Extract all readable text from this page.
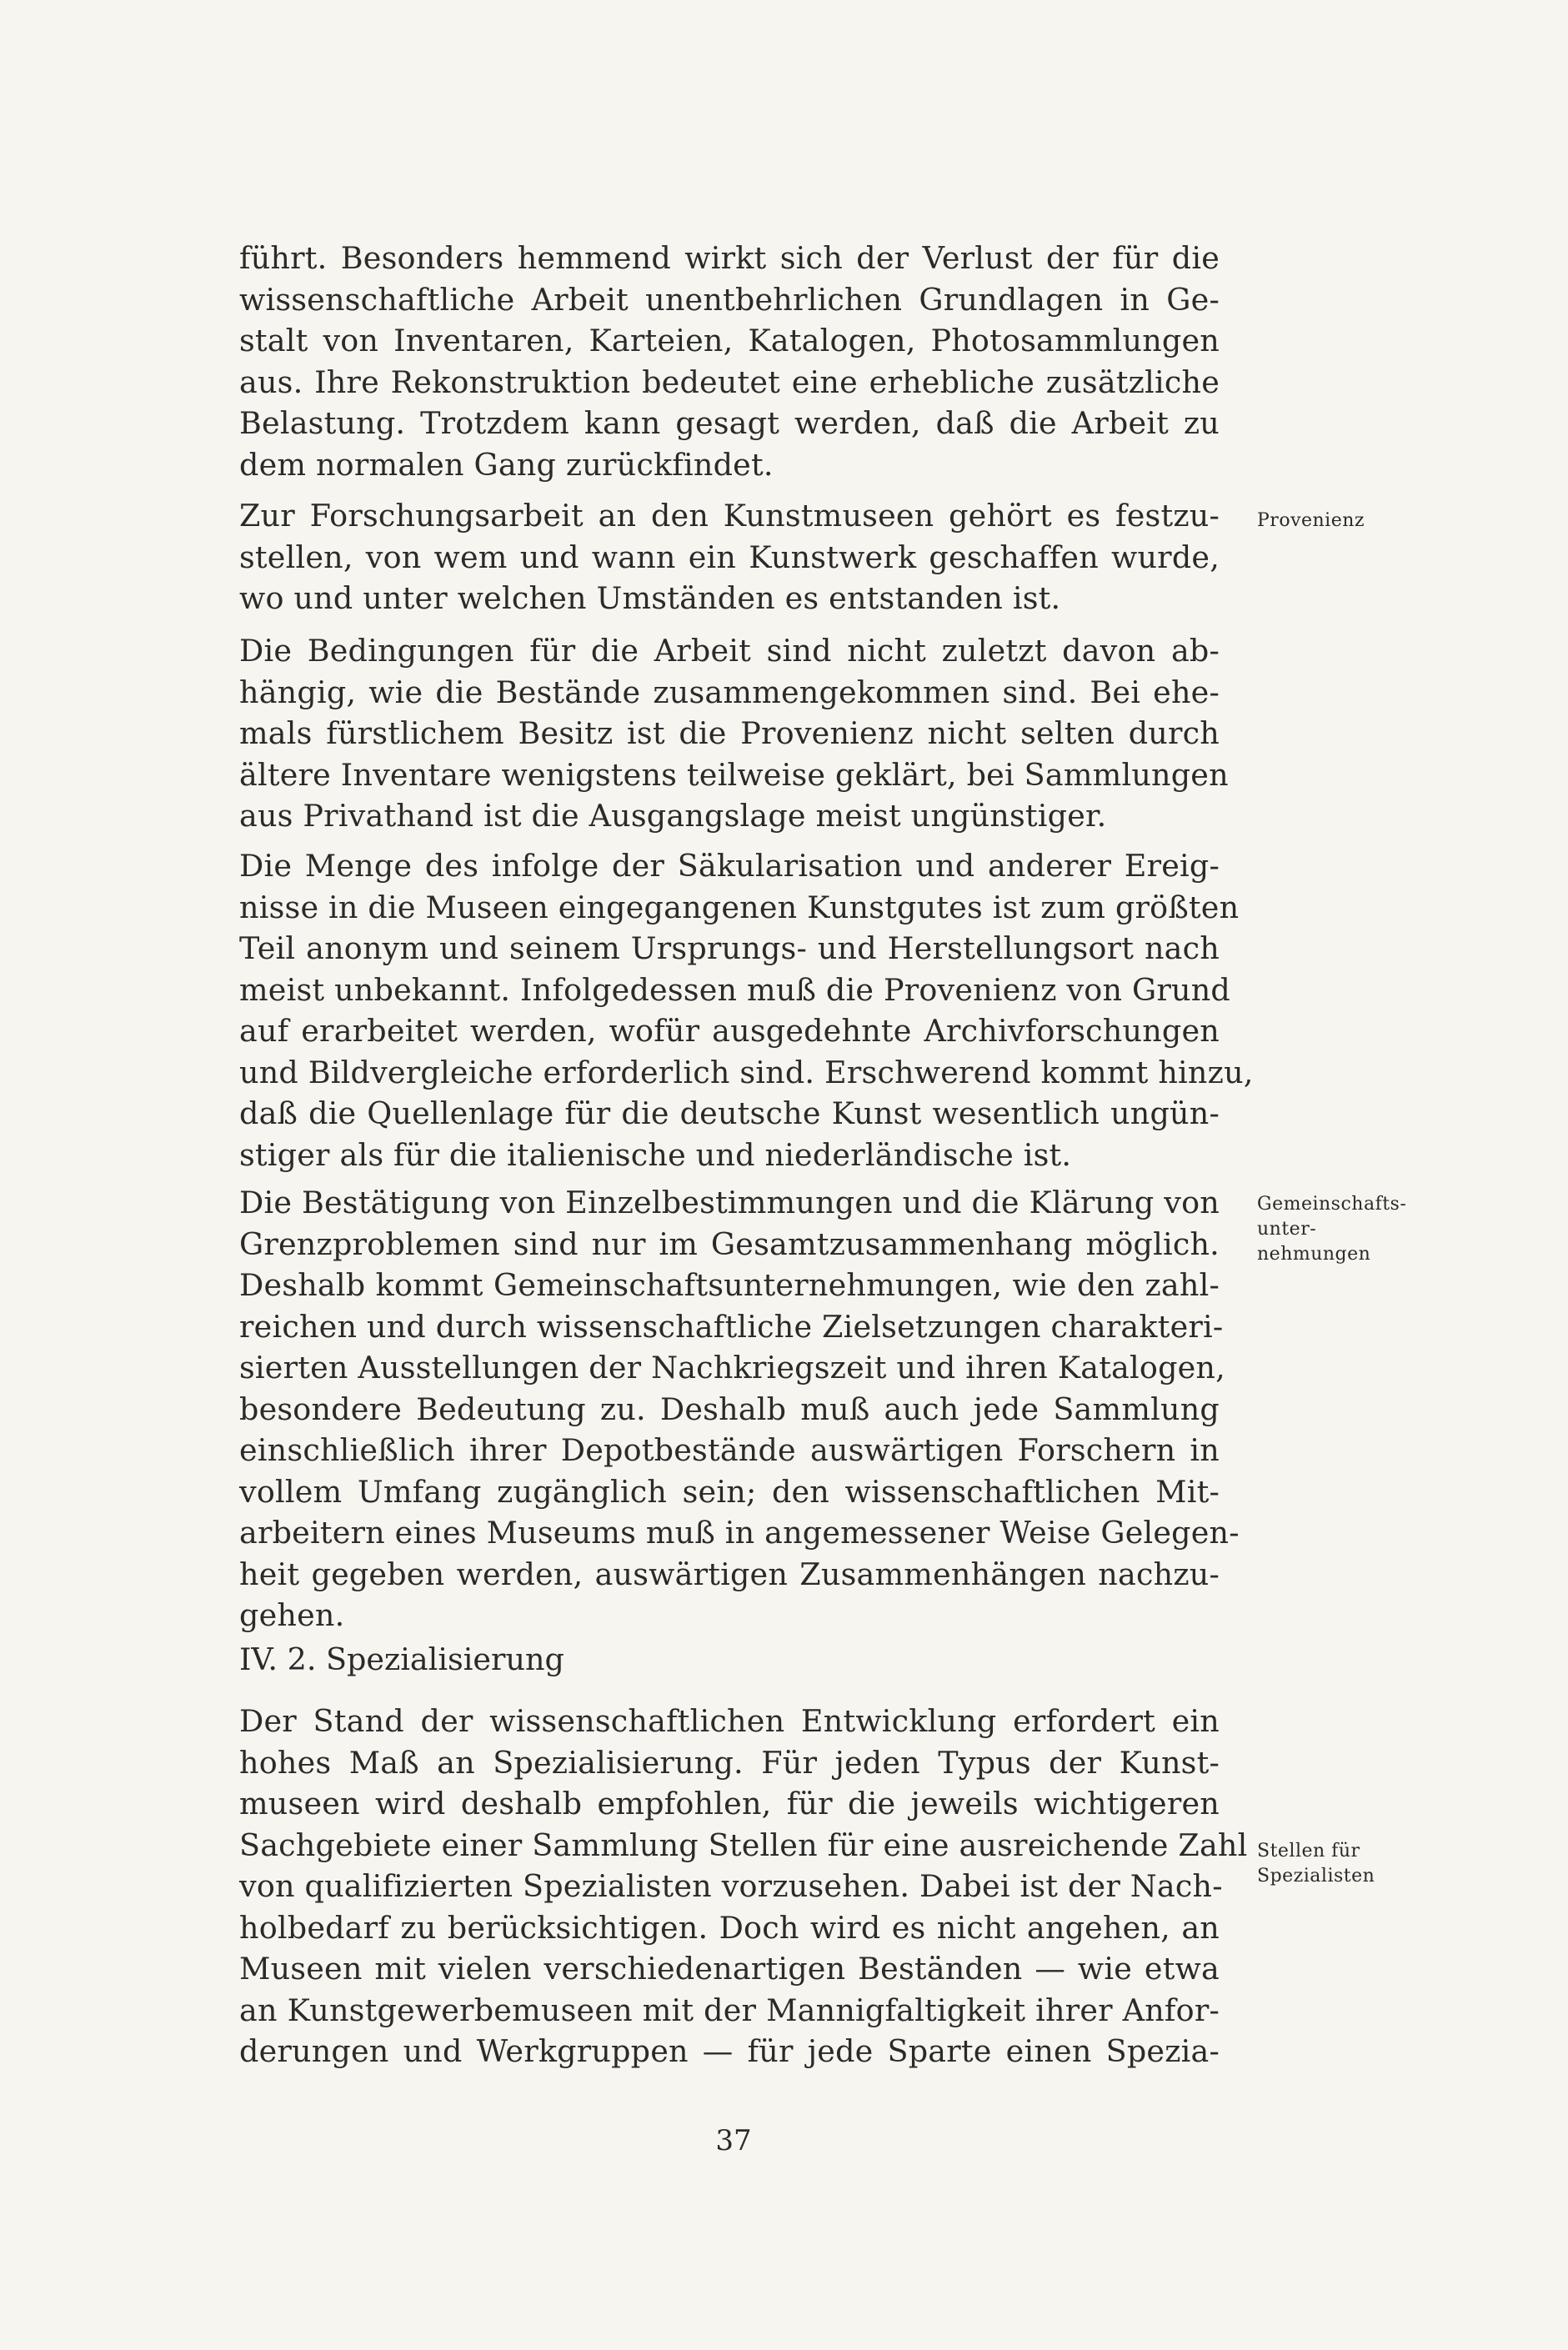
führt. Besonders hemmend wirkt sich der Verlust der für die
wissenschaftliche Arbeit unentbehrlichen Grundlagen in Ge-
stalt von Inventaren, Karteien, Katalogen, Photosammlungen
aus. Ihre Rekonstruktion bedeutet eine erhebliche zusätzliche
Belastung. Trotzdem kann gesagt werden, daß die Arbeit zu
dem normalen Gang zurückfindet.

Zur Forschungsarbeit an den Kunstmuseen gehört es festzu-
stellen, von wem und wann ein Kunstwerk geschaffen wurde,
wo und unter welchen Umständen es entstanden ist.

Die Bedingungen für die Arbeit sind nicht zuletzt davon ab-
hängig, wie die Bestände zusammengekommen sind. Bei ehe-
mals fürstlichem Besitz ist die Provenienz nicht selten durch
ältere Inventare wenigstens teilweise geklärt, bei Sammlungen
aus Privathand ist die Ausgangslage meist ungünstiger.

Die Menge des infolge der Säkularisation und anderer Ereig-
nisse in die Museen eingegangenen Kunstgutes ist zum größten
Teil anonym und seinem Ursprungs- und Herstellungsort nach
meist unbekannt. Infolgedessen muß die Provenienz von Grund
auf erarbeitet werden, wofür ausgedehnte Archivforschungen
und Bildvergleiche erforderlich sind. Erschwerend kommt hinzu,
daß die Quellenlage für die deutsche Kunst wesentlich ungün-
stiger als für die italienische und niederländische ist.

Die Bestätigung von Einzelbestimmungen und die Klärung von
Grenzproblemen sind nur im Gesamtzusammenhang möglich.
Deshalb kommt Gemeinschaftsunternehmungen, wie den zahl-
reichen und durch wissenschaftliche Zielsetzungen charakteri-
sierten Ausstellungen der Nachkriegszeit und ihren Katalogen,
besondere Bedeutung zu. Deshalb muß auch jede Sammlung
einschließlich ihrer Depotbestände auswärtigen Forschern in
vollem Umfang zugänglich sein; den wissenschaftlichen Mit-
arbeitern eines Museums muß in angemessener Weise Gelegen-
heit gegeben werden, auswärtigen Zusammenhängen nachzu-
gehen.

IV. 2. Spezialisierung

Der Stand der wissenschaftlichen Entwicklung erfordert ein
hohes Maß an Spezialisierung. Für jeden Typus der Kunst-
museen wird deshalb empfohlen, für die jeweils wichtigeren
Sachgebiete einer Sammlung Stellen für eine ausreichende Zahl
von qualifizierten Spezialisten vorzusehen. Dabei ist der Nach-
holbedarf zu berücksichtigen. Doch wird es nicht angehen, an
Museen mit vielen verschiedenartigen Beständen — wie etwa
an Kunstgewerbemuseen mit der Mannigfaltigkeit ihrer Anfor-
derungen und Werkgruppen — für jede Sparte einen Spezia-

Provenienz
Gemeinschafts-
unter-
nehmungen
Stellen für
Spezialisten
37
